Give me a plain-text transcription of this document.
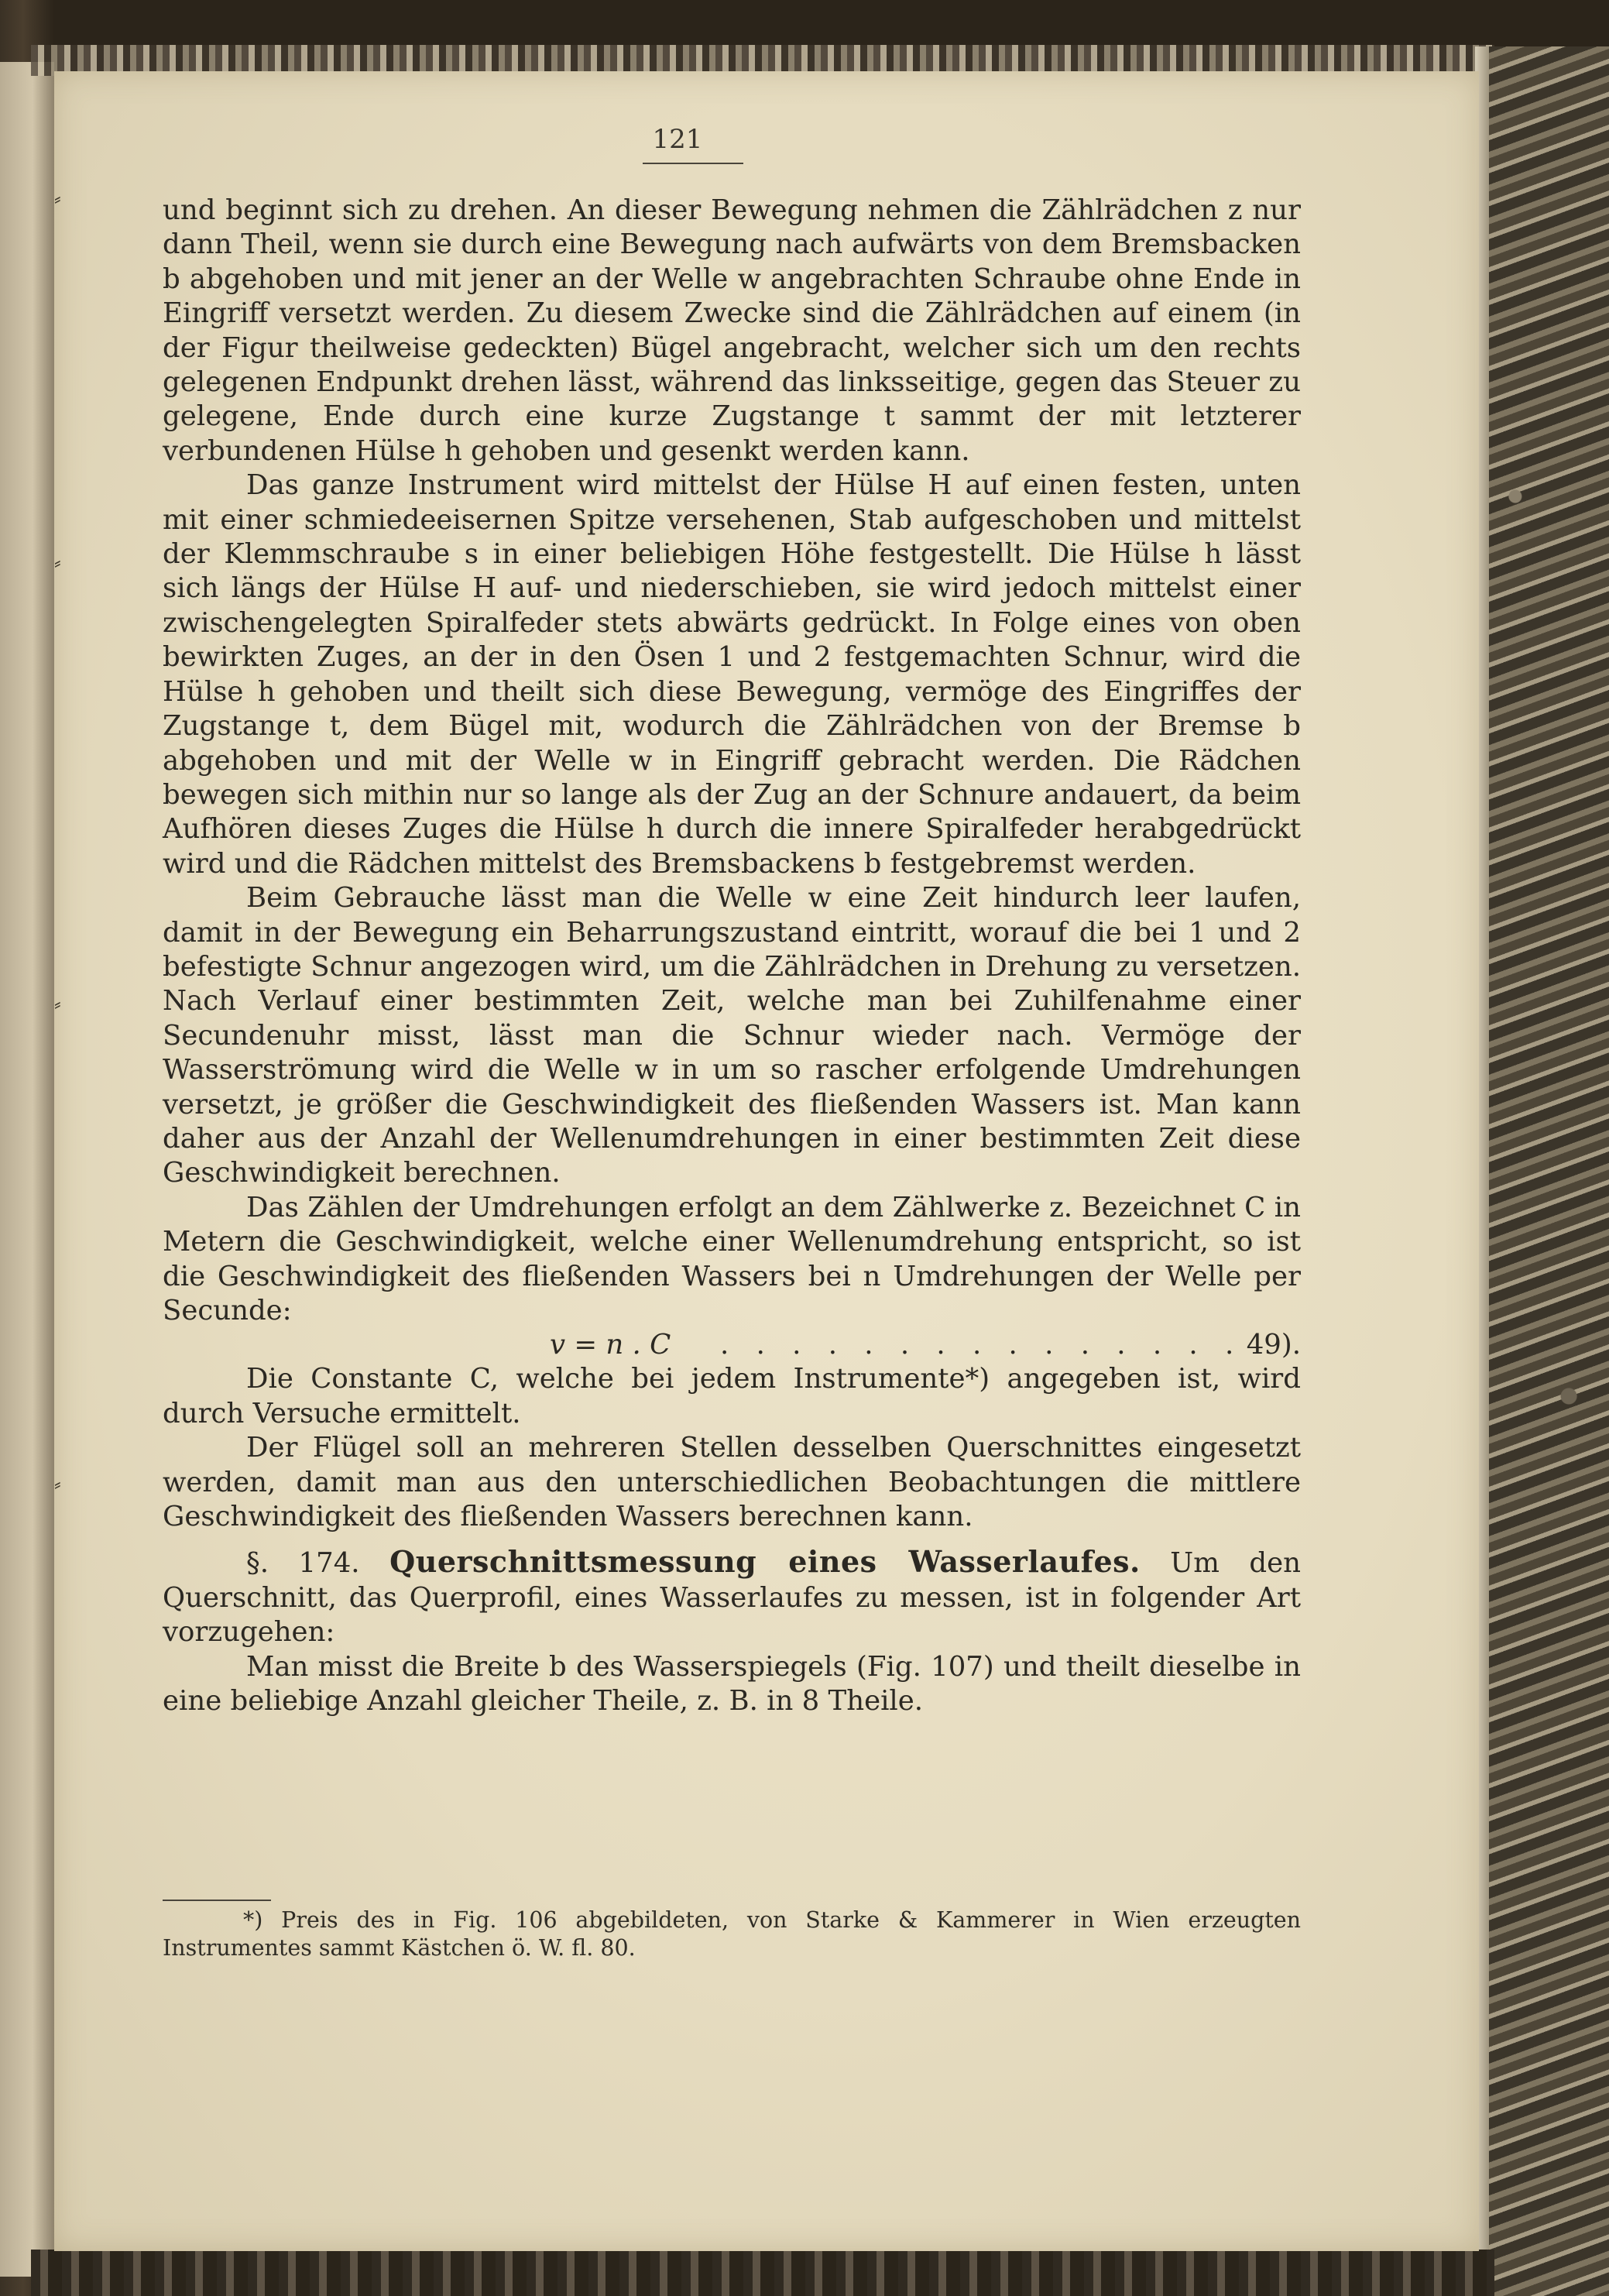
⸗
⸗
⸗
⸗
121

und beginnt sich zu drehen. An dieser Bewegung nehmen die Zählrädchen z nur dann Theil, wenn sie durch eine Bewegung nach aufwärts von dem Bremsbacken b abgehoben und mit jener an der Welle w angebrachten Schraube ohne Ende in Eingriff versetzt werden. Zu diesem Zwecke sind die Zählrädchen auf einem (in der Figur theilweise gedeckten) Bügel angebracht, welcher sich um den rechts gelegenen Endpunkt drehen lässt, während das linksseitige, gegen das Steuer zu gelegene, Ende durch eine kurze Zugstange t sammt der mit letzterer verbundenen Hülse h gehoben und gesenkt werden kann.

Das ganze Instrument wird mittelst der Hülse H auf einen festen, unten mit einer schmiedeeisernen Spitze versehenen, Stab aufgeschoben und mittelst der Klemmschraube s in einer beliebigen Höhe festgestellt. Die Hülse h lässt sich längs der Hülse H auf- und niederschieben, sie wird jedoch mittelst einer zwischengelegten Spiralfeder stets abwärts gedrückt. In Folge eines von oben bewirkten Zuges, an der in den Ösen 1 und 2 festgemachten Schnur, wird die Hülse h gehoben und theilt sich diese Bewegung, vermöge des Eingriffes der Zugstange t, dem Bügel mit, wodurch die Zählrädchen von der Bremse b abgehoben und mit der Welle w in Eingriff gebracht werden. Die Rädchen bewegen sich mithin nur so lange als der Zug an der Schnure andauert, da beim Aufhören dieses Zuges die Hülse h durch die innere Spiralfeder herabgedrückt wird und die Rädchen mittelst des Bremsbackens b festgebremst werden.

Beim Gebrauche lässt man die Welle w eine Zeit hindurch leer laufen, damit in der Bewegung ein Beharrungszustand eintritt, worauf die bei 1 und 2 befestigte Schnur angezogen wird, um die Zählrädchen in Drehung zu versetzen. Nach Verlauf einer bestimmten Zeit, welche man bei Zuhilfenahme einer Secundenuhr misst, lässt man die Schnur wieder nach. Vermöge der Wasserströmung wird die Welle w in um so rascher erfolgende Umdrehungen versetzt, je größer die Geschwindigkeit des fließenden Wassers ist. Man kann daher aus der Anzahl der Wellenumdrehungen in einer bestimmten Zeit diese Geschwindigkeit berechnen.

Das Zählen der Umdrehungen erfolgt an dem Zählwerke z. Bezeichnet C in Metern die Geschwindigkeit, welche einer Wellenumdrehung entspricht, so ist die Geschwindigkeit des fließenden Wassers bei n Umdrehungen der Welle per Secunde:

v = n . C . . . . . . . . . . . . . . . 49).

Die Constante C, welche bei jedem Instrumente*) angegeben ist, wird durch Versuche ermittelt.

Der Flügel soll an mehreren Stellen desselben Querschnittes eingesetzt werden, damit man aus den unterschiedlichen Beobachtungen die mittlere Geschwindigkeit des fließenden Wassers berechnen kann.

§. 174. Querschnittsmessung eines Wasserlaufes. Um den Querschnitt, das Querprofil, eines Wasserlaufes zu messen, ist in folgender Art vorzugehen:

Man misst die Breite b des Wasserspiegels (Fig. 107) und theilt dieselbe in eine beliebige Anzahl gleicher Theile, z. B. in 8 Theile.

*) Preis des in Fig. 106 abgebildeten, von Starke & Kammerer in Wien erzeugten Instrumentes sammt Kästchen ö. W. fl. 80.
